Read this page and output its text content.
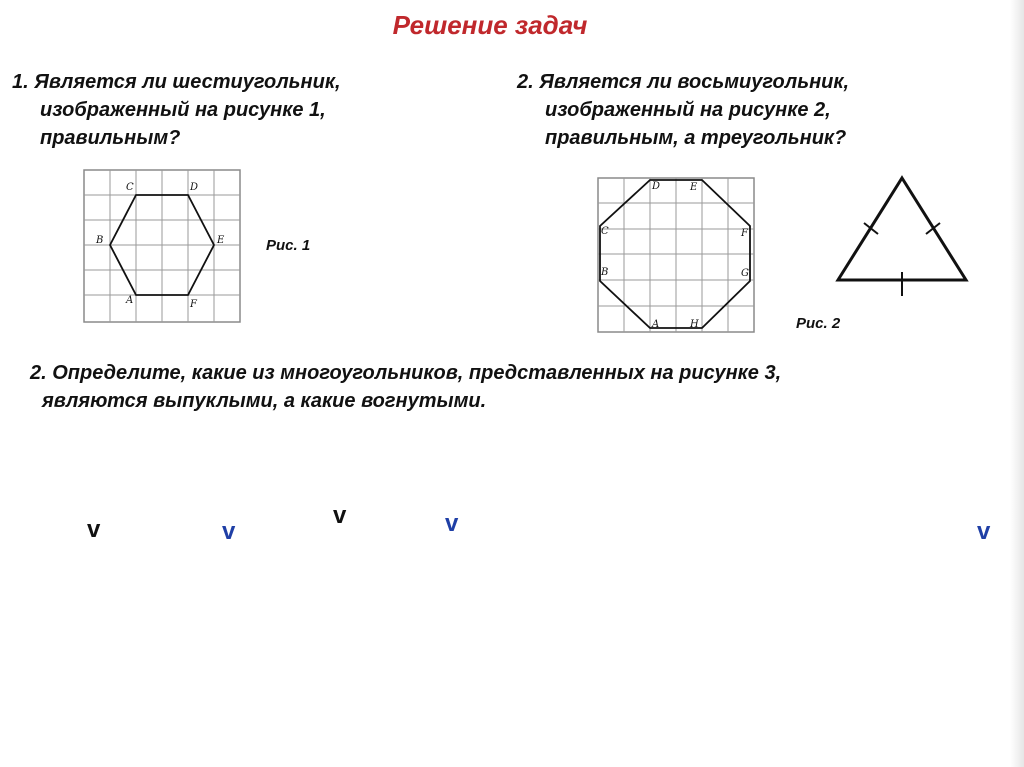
Решение задач
1. Является ли шестиугольник,
изображенный на рисунке 1,
правильным?
2. Является ли восьмиугольник,
изображенный на рисунке 2,
правильным, а треугольник?
A
B
C	D
E
F
Рис. 1
A
B
C
D	E
F
G
H	Рис. 2
2. Определите, какие из многоугольников, представленных на рисунке 3,
являются выпуклыми, а какие вогнутыми.
v	v
v	v	v
